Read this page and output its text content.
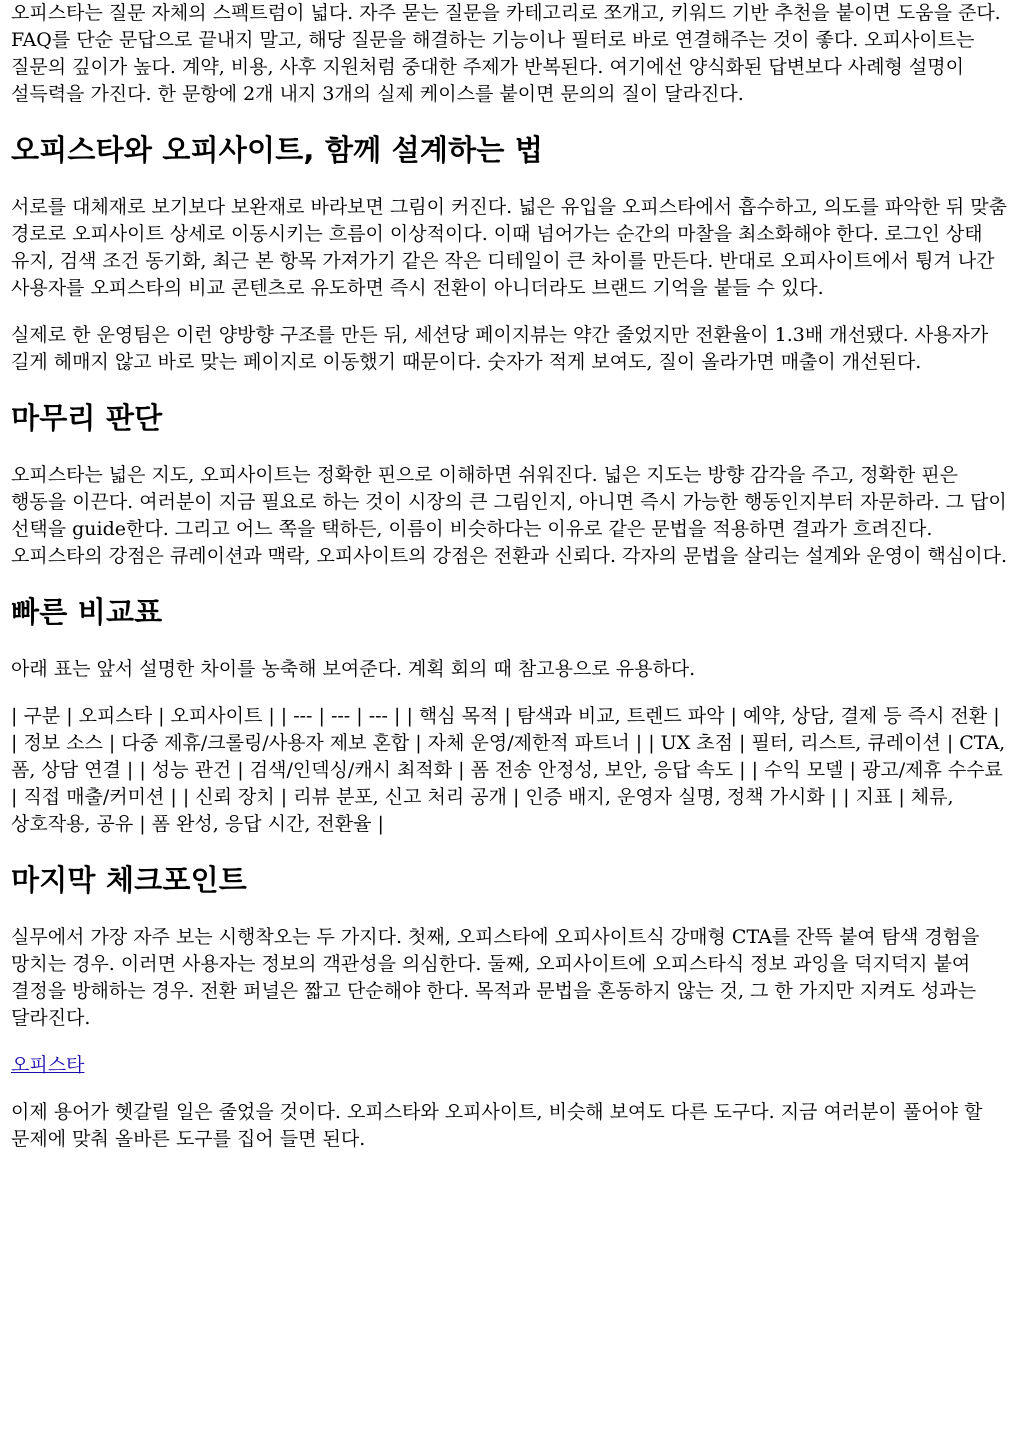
오피스타는 질문 자체의 스펙트럼이 넓다. 자주 묻는 질문을 카테고리로 쪼개고, 키워드 기반 추천을 붙이면 도움을 준다. FAQ를 단순 문답으로 끝내지 말고, 해당 질문을 해결하는 기능이나 필터로 바로 연결해주는 것이 좋다. 오피사이트는 질문의 깊이가 높다. 계약, 비용, 사후 지원처럼 중대한 주제가 반복된다. 여기에선 양식화된 답변보다 사례형 설명이 설득력을 가진다. 한 문항에 2개 내지 3개의 실제 케이스를 붙이면 문의의 질이 달라진다.

오피스타와 오피사이트, 함께 설계하는 법

서로를 대체재로 보기보다 보완재로 바라보면 그림이 커진다. 넓은 유입을 오피스타에서 흡수하고, 의도를 파악한 뒤 맞춤 경로로 오피사이트 상세로 이동시키는 흐름이 이상적이다. 이때 넘어가는 순간의 마찰을 최소화해야 한다. 로그인 상태 유지, 검색 조건 동기화, 최근 본 항목 가져가기 같은 작은 디테일이 큰 차이를 만든다. 반대로 오피사이트에서 튕겨 나간 사용자를 오피스타의 비교 콘텐츠로 유도하면 즉시 전환이 아니더라도 브랜드 기억을 붙들 수 있다.

실제로 한 운영팀은 이런 양방향 구조를 만든 뒤, 세션당 페이지뷰는 약간 줄었지만 전환율이 1.3배 개선됐다. 사용자가 길게 헤매지 않고 바로 맞는 페이지로 이동했기 때문이다. 숫자가 적게 보여도, 질이 올라가면 매출이 개선된다.

마무리 판단

오피스타는 넓은 지도, 오피사이트는 정확한 핀으로 이해하면 쉬워진다. 넓은 지도는 방향 감각을 주고, 정확한 핀은 행동을 이끈다. 여러분이 지금 필요로 하는 것이 시장의 큰 그림인지, 아니면 즉시 가능한 행동인지부터 자문하라. 그 답이 선택을 guide한다. 그리고 어느 쪽을 택하든, 이름이 비슷하다는 이유로 같은 문법을 적용하면 결과가 흐려진다. 오피스타의 강점은 큐레이션과 맥락, 오피사이트의 강점은 전환과 신뢰다. 각자의 문법을 살리는 설계와 운영이 핵심이다.

빠른 비교표

아래 표는 앞서 설명한 차이를 농축해 보여준다. 계획 회의 때 참고용으로 유용하다.

| 구분 | 오피스타 | 오피사이트 | | --- | --- | --- | | 핵심 목적 | 탐색과 비교, 트렌드 파악 | 예약, 상담, 결제 등 즉시 전환 | | 정보 소스 | 다중 제휴/크롤링/사용자 제보 혼합 | 자체 운영/제한적 파트너 | | UX 초점 | 필터, 리스트, 큐레이션 | CTA, 폼, 상담 연결 | | 성능 관건 | 검색/인덱싱/캐시 최적화 | 폼 전송 안정성, 보안, 응답 속도 | | 수익 모델 | 광고/제휴 수수료 | 직접 매출/커미션 | | 신뢰 장치 | 리뷰 분포, 신고 처리 공개 | 인증 배지, 운영자 실명, 정책 가시화 | | 지표 | 체류, 상호작용, 공유 | 폼 완성, 응답 시간, 전환율 |

마지막 체크포인트

실무에서 가장 자주 보는 시행착오는 두 가지다. 첫째, 오피스타에 오피사이트식 강매형 CTA를 잔뜩 붙여 탐색 경험을 망치는 경우. 이러면 사용자는 정보의 객관성을 의심한다. 둘째, 오피사이트에 오피스타식 정보 과잉을 덕지덕지 붙여 결정을 방해하는 경우. 전환 퍼널은 짧고 단순해야 한다. 목적과 문법을 혼동하지 않는 것, 그 한 가지만 지켜도 성과는 달라진다.

오피스타

이제 용어가 헷갈릴 일은 줄었을 것이다. 오피스타와 오피사이트, 비슷해 보여도 다른 도구다. 지금 여러분이 풀어야 할 문제에 맞춰 올바른 도구를 집어 들면 된다.
